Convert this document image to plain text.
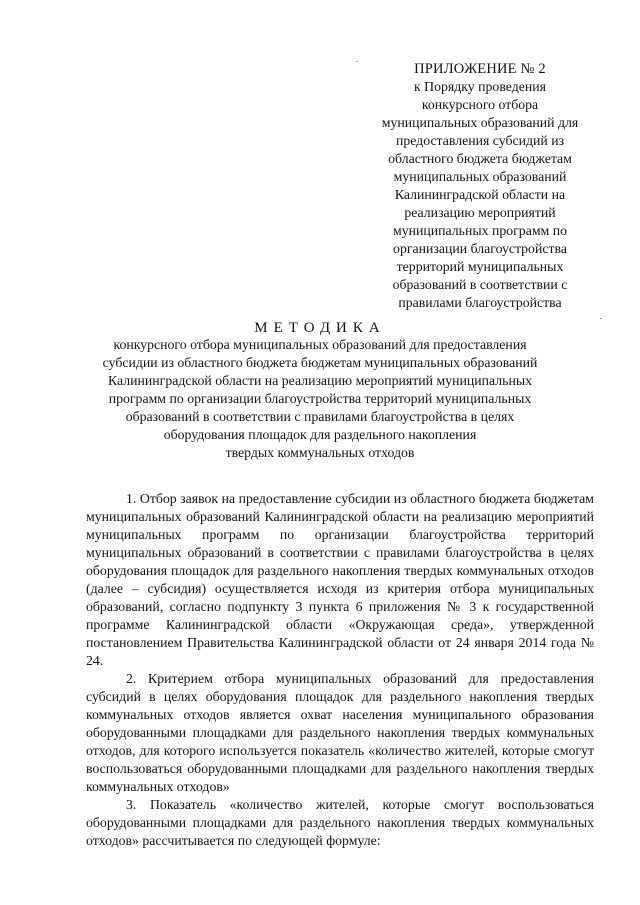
ПРИЛОЖЕНИЕ № 2
к Порядку проведения
конкурсного отбора
муниципальных образований для
предоставления субсидий из
областного бюджета бюджетам
муниципальных образований
Калининградской области на
реализацию мероприятий
муниципальных программ по
организации благоустройства
территорий муниципальных
образований в соответствии с
правилами благоустройства
МЕТОДИКА
конкурсного отбора муниципальных образований для предоставления
субсидии из областного бюджета бюджетам муниципальных образований
Калининградской области на реализацию мероприятий муниципальных
программ по организации благоустройства территорий муниципальных
образований в соответствии с правилами благоустройства в целях
оборудования площадок для раздельного накопления
твердых коммунальных отходов

1. Отбор заявок на предоставление субсидии из областного бюджета бюджетам муниципальных образований Калининградской области на реализацию мероприятий муниципальных программ по организации благоустройства территорий муниципальных образований в соответствии с правилами благоустройства в целях оборудования площадок для раздельного накопления твердых коммунальных отходов (далее – субсидия) осуществляется исходя из критерия отбора муниципальных образований, согласно подпункту 3 пункта 6 приложения № 3 к государственной программе Калининградской области «Окружающая среда», утвержденной постановлением Правительства Калининградской области от 24 января 2014 года № 24.

2. Критерием отбора муниципальных образований для предоставления субсидий в целях оборудования площадок для раздельного накопления твердых коммунальных отходов является охват населения муниципального образования оборудованными площадками для раздельного накопления твердых коммунальных отходов, для которого используется показатель «количество жителей, которые смогут воспользоваться оборудованными площадками для раздельного накопления твердых коммунальных отходов»

3. Показатель «количество жителей, которые смогут воспользоваться оборудованными площадками для раздельного накопления твердых коммунальных отходов» рассчитывается по следующей формуле:
